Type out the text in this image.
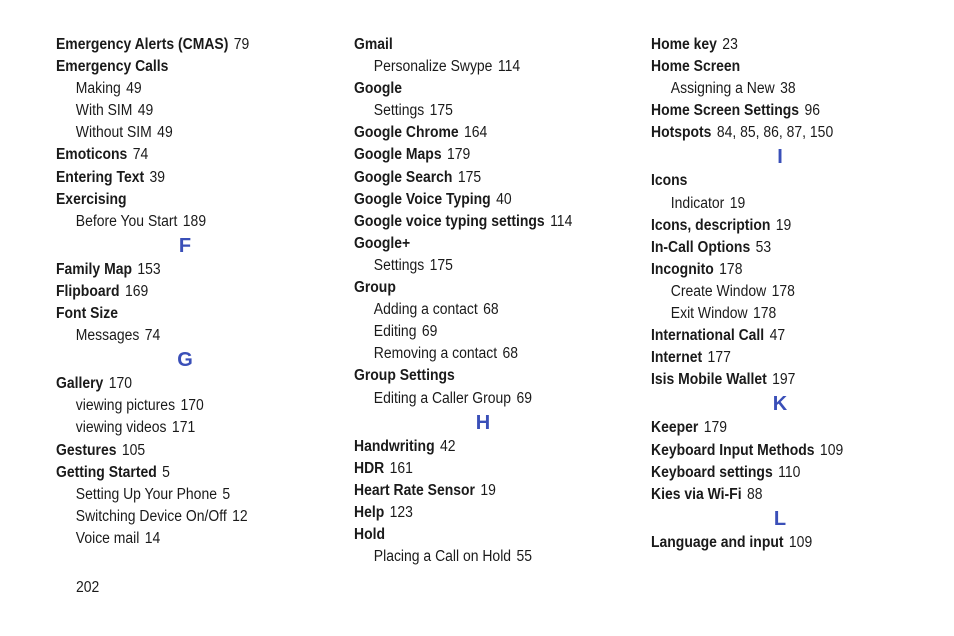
Emergency Alerts (CMAS) 79
Emergency Calls
Making 49
With SIM 49
Without SIM 49
Emoticons 74
Entering Text 39
Exercising
Before You Start 189
F
Family Map 153
Flipboard 169
Font Size
Messages 74
G
Gallery 170
viewing pictures 170
viewing videos 171
Gestures 105
Getting Started 5
Setting Up Your Phone 5
Switching Device On/Off 12
Voice mail 14
Gmail
Personalize Swype 114
Google
Settings 175
Google Chrome 164
Google Maps 179
Google Search 175
Google Voice Typing 40
Google voice typing settings 114
Google+
Settings 175
Group
Adding a contact 68
Editing 69
Removing a contact 68
Group Settings
Editing a Caller Group 69
H
Handwriting 42
HDR 161
Heart Rate Sensor 19
Help 123
Hold
Placing a Call on Hold 55
Home key 23
Home Screen
Assigning a New 38
Home Screen Settings 96
Hotspots 84, 85, 86, 87, 150
I
Icons
Indicator 19
Icons, description 19
In-Call Options 53
Incognito 178
Create Window 178
Exit Window 178
International Call 47
Internet 177
Isis Mobile Wallet 197
K
Keeper 179
Keyboard Input Methods 109
Keyboard settings 110
Kies via Wi-Fi 88
L
Language and input 109
202
